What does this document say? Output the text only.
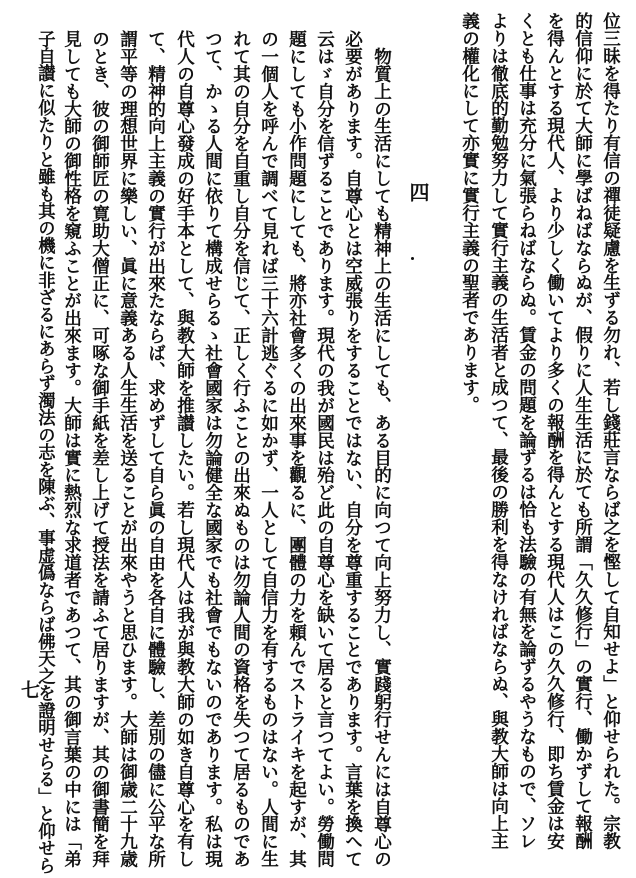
位三昧を得たり有信の禪徒疑慮を生ずる勿れ、若し錢莊言ならば之を慳して自知せよ」と仰せられた。宗教
的信仰に於て大師に學ばねばならぬが、假りに人生生活に於ても所謂「久久修行」の實行、働かずして報酬
を得んとする現代人、より少しく働いてより多くの報酬を得んとする現代人はこの久久修行、即ち賃金は安
くとも仕事は充分に氣張らねばならぬ。賃金の問題を論ずるは恰も法驗の有無を論ずるやうなもので、ソレ
よりは徹底的勤勉努力して實行主義の生活者と成つて、最後の勝利を得なければならぬ、與教大師は向上主
義の權化にして亦實に實行主義の聖者であります。
四
　物質上の生活にしても精神上の生活にしても、ある目的に向つて向上努力し、實踐躬行せんには自尊心の
必要があります。自尊心とは空威張りをすることではない、自分を尊重することであります。言葉を換へて
云はゞ自分を信ずることであります。現代の我が國民は殆ど此の自尊心を缺いて居ると言つてよい。勞働問
題にしても小作問題にしても、將亦社會多くの出來事を觀るに、團體の力を頼んでストライキを起すが、其
の一個人を呼んで調べて見れば三十六計逃ぐるに如かず、一人として自信力を有するものはない。人間に生
れて其の自分を自重し自分を信じて、正しく行ふことの出來ぬものは勿論人間の資格を失つて居るものであ
つて、かゝる人間に依りて構成せらるゝ社會國家は勿論健全な國家でも社會でもないのであります。私は現
代人の自尊心發成の好手本として、與教大師を推讃したい。若し現代人は我が與教大師の如き自尊心を有し
て、精神的向上主義の實行が出來たならば、求めずして自ら眞の自由を各自に體驗し、差別の儘に公平な所
謂平等の理想世界に樂しい、眞に意義ある人生生活を送ることが出來やうと思ひます。大師は御歳二十九歳
のとき、彼の御師匠の寛助大僧正に、可啄な御手紙を差し上げて授法を請ふて居りますが、其の御書簡を拜
見しても大師の御性格を窺ふことが出來ます。大師は實に熱烈な求道者であつて、其の御言葉の中には「弟
子自讃に似たりと雖も其の機に非ざるにあらず濁法の志を陳ぶ、事虚僞ならば佛天之を證明せらる」と仰せら
七
